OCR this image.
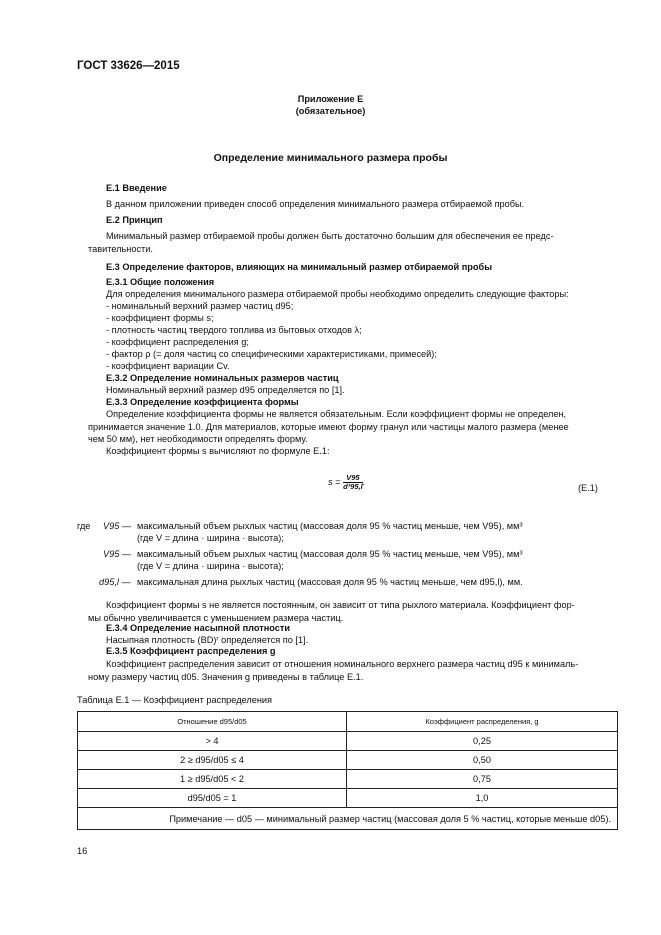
ГОСТ 33626—2015
Приложение Е
(обязательное)
Определение минимального размера пробы
Е.1 Введение
В данном приложении приведен способ определения минимального размера отбираемой пробы.
Е.2 Принцип
Минимальный размер отбираемой пробы должен быть достаточно большим для обеспечения ее предс-
тавительности.
Е.3 Определение факторов, влияющих на минимальный размер отбираемой пробы
Е.3.1 Общие положения
Для определения минимального размера отбираемой пробы необходимо определить следующие факторы:
- номинальный верхний размер частиц d95;
- коэффициент формы s;
- плотность частиц твердого топлива из бытовых отходов λ;
- коэффициент распределения g;
- фактор ρ (= доля частиц со специфическими характеристиками, примесей);
- коэффициент вариации Cv.
Е.3.2 Определение номинальных размеров частиц
Номинальный верхний размер d95 определяется по [1].
Е.3.3 Определение коэффициента формы
Определение коэффициента формы не является обязательным. Если коэффициент формы не определен,
принимается значение 1.0. Для материалов, которые имеют форму гранул или частицы малого размера (менее
чем 50 мм), нет необходимости определять форму.
Коэффициент формы s вычисляют по формуле Е.1:
$s = \frac{V95}{\text{d³95,l}}$ .
(Е.1)
где V95 — максимальный объем рыхлых частиц (массовая доля 95 % частиц меньше, чем V95), мм³
(где V = длина · ширина · высота);
V95 — максимальный объем рыхлых частиц (массовая доля 95 % частиц меньше, чем V95), мм³
(где V = длина · ширина · высота);
d95,l — максимальная длина рыхлых частиц (массовая доля 95 % частиц меньше, чем d95,l), мм.
Коэффициент формы s не является постоянным, он зависит от типа рыхлого материала. Коэффициент фор-
мы обычно увеличивается с уменьшением размера частиц.
Е.3.4 Определение насыпной плотности
Насыпная плотность (BD)ʳ определяется по [1].
Е.3.5 Коэффициент распределения g
Коэффициент распределения зависит от отношения номинального верхнего размера частиц d95 к минималь-
ному размеру частиц d05. Значения g приведены в таблице Е.1.
Таблица Е.1 — Коэффициент распределения
Отношение d95/d05	Коэффициент распределения, g
> 4	0,25
2 ≥ d95/d05 ≤ 4	0,50
1 ≥ d95/d05 < 2	0,75
d95/d05 = 1	1,0
Примечание — d05 — минимальный размер частиц (массовая доля 5 % частиц, которые меньше d05).	
16
